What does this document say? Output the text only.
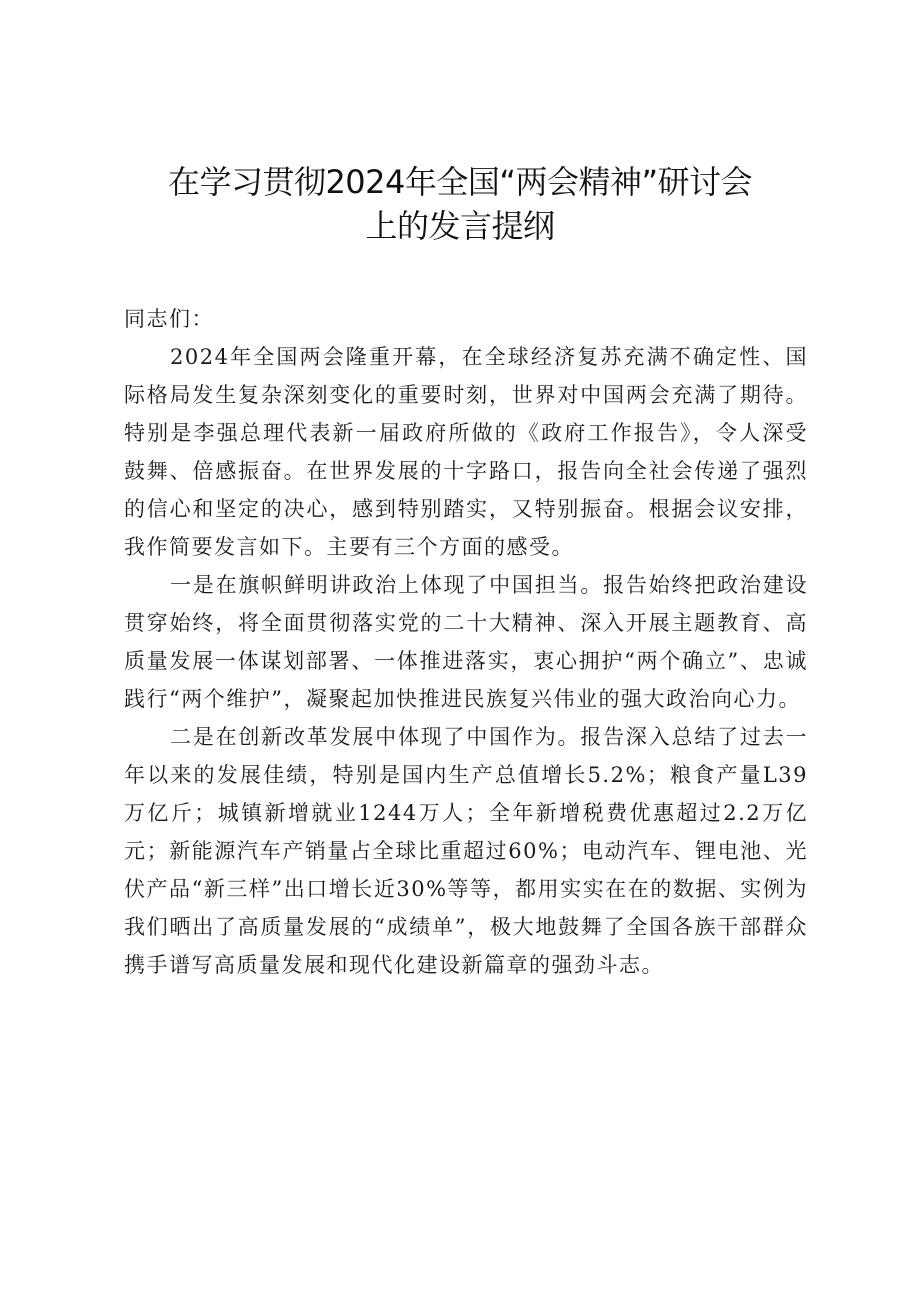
在学习贯彻2024年全国“两会精神”研讨会
上的发言提纲

同志们：

2024年全国两会隆重开幕，在全球经济复苏充满不确定性、国际格局发生复杂深刻变化的重要时刻，世界对中国两会充满了期待。特别是李强总理代表新一届政府所做的《政府工作报告》，令人深受鼓舞、倍感振奋。在世界发展的十字路口，报告向全社会传递了强烈的信心和坚定的决心，感到特别踏实，又特别振奋。根据会议安排，我作简要发言如下。主要有三个方面的感受。

一是在旗帜鲜明讲政治上体现了中国担当。报告始终把政治建设贯穿始终，将全面贯彻落实党的二十大精神、深入开展主题教育、高质量发展一体谋划部署、一体推进落实，衷心拥护“两个确立”、忠诚践行“两个维护”，凝聚起加快推进民族复兴伟业的强大政治向心力。

二是在创新改革发展中体现了中国作为。报告深入总结了过去一年以来的发展佳绩，特别是国内生产总值增长5.2%；粮食产量L39万亿斤；城镇新增就业1244万人；全年新增税费优惠超过2.2万亿元；新能源汽车产销量占全球比重超过60%；电动汽车、锂电池、光伏产品“新三样”出口增长近30%等等，都用实实在在的数据、实例为我们晒出了高质量发展的“成绩单”，极大地鼓舞了全国各族干部群众携手谱写高质量发展和现代化建设新篇章的强劲斗志。
